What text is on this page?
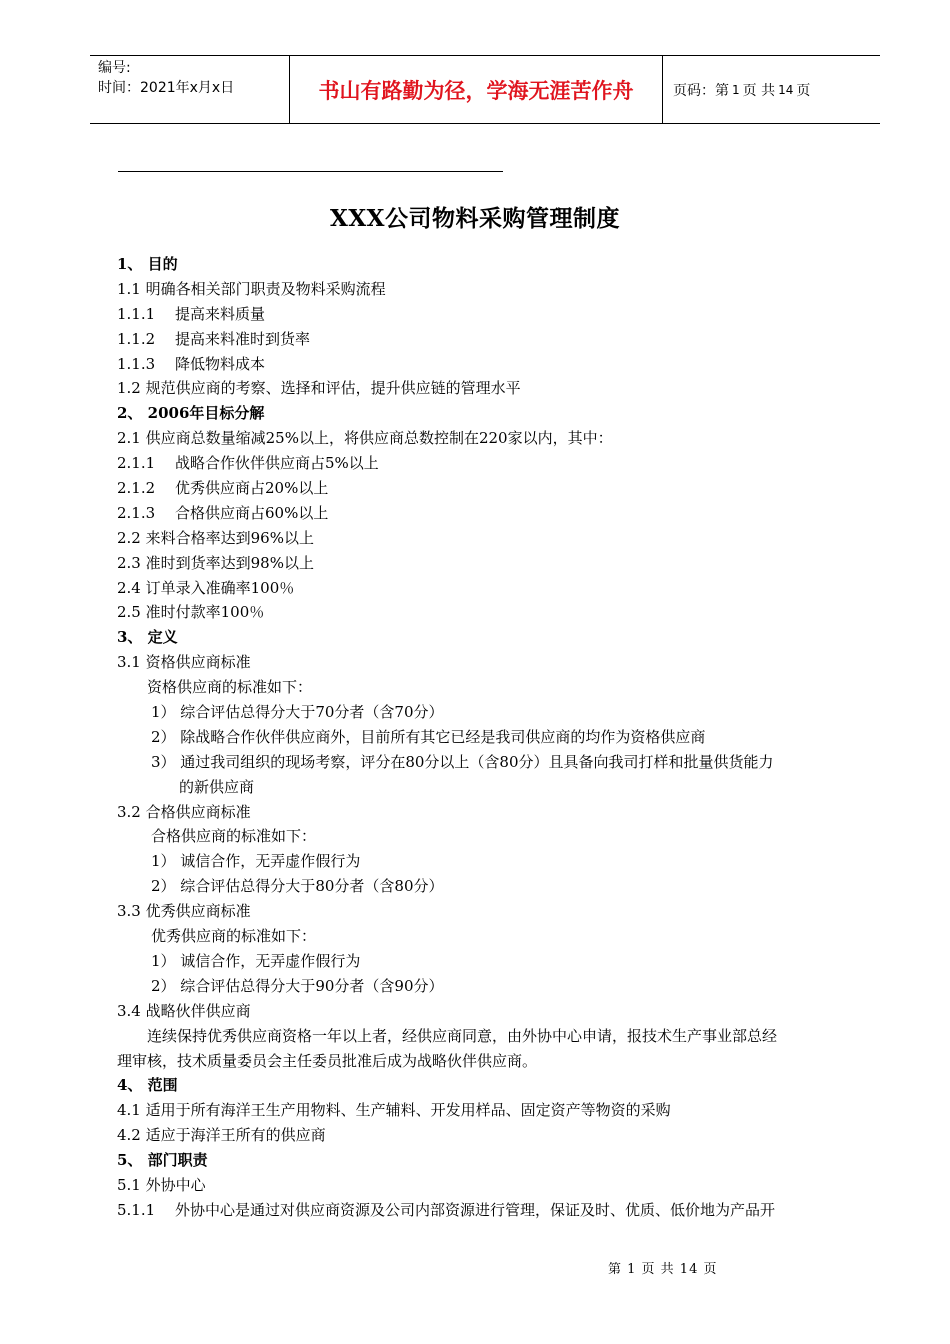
编号:
时间：2021年x月x日	书山有路勤为径，学海无涯苦作舟	页码：第 1 页 共 14 页
XXX公司物料采购管理制度
1、 目的
1.1 明确各相关部门职责及物料采购流程
1.1.1 提高来料质量
1.1.2 提高来料准时到货率
1.1.3 降低物料成本
1.2 规范供应商的考察、选择和评估，提升供应链的管理水平
2、 2006年目标分解
2.1 供应商总数量缩减25%以上，将供应商总数控制在220家以内，其中：
2.1.1 战略合作伙伴供应商占5%以上
2.1.2 优秀供应商占20%以上
2.1.3 合格供应商占60%以上
2.2 来料合格率达到96%以上
2.3 准时到货率达到98%以上
2.4 订单录入准确率100％
2.5 准时付款率100％
3、 定义
3.1 资格供应商标准
资格供应商的标准如下：
1） 综合评估总得分大于70分者（含70分）
2） 除战略合作伙伴供应商外，目前所有其它已经是我司供应商的均作为资格供应商
3） 通过我司组织的现场考察，评分在80分以上（含80分）且具备向我司打样和批量供货能力
的新供应商
3.2 合格供应商标准
合格供应商的标准如下：
1） 诚信合作，无弄虚作假行为
2） 综合评估总得分大于80分者（含80分）
3.3 优秀供应商标准
优秀供应商的标准如下：
1） 诚信合作，无弄虚作假行为
2） 综合评估总得分大于90分者（含90分）
3.4 战略伙伴供应商
连续保持优秀供应商资格一年以上者，经供应商同意，由外协中心申请，报技术生产事业部总经
理审核，技术质量委员会主任委员批准后成为战略伙伴供应商。
4、 范围
4.1 适用于所有海洋王生产用物料、生产辅料、开发用样品、固定资产等物资的采购
4.2 适应于海洋王所有的供应商
5、 部门职责
5.1 外协中心
5.1.1 外协中心是通过对供应商资源及公司内部资源进行管理，保证及时、优质、低价地为产品开
第 1 页 共 14 页
